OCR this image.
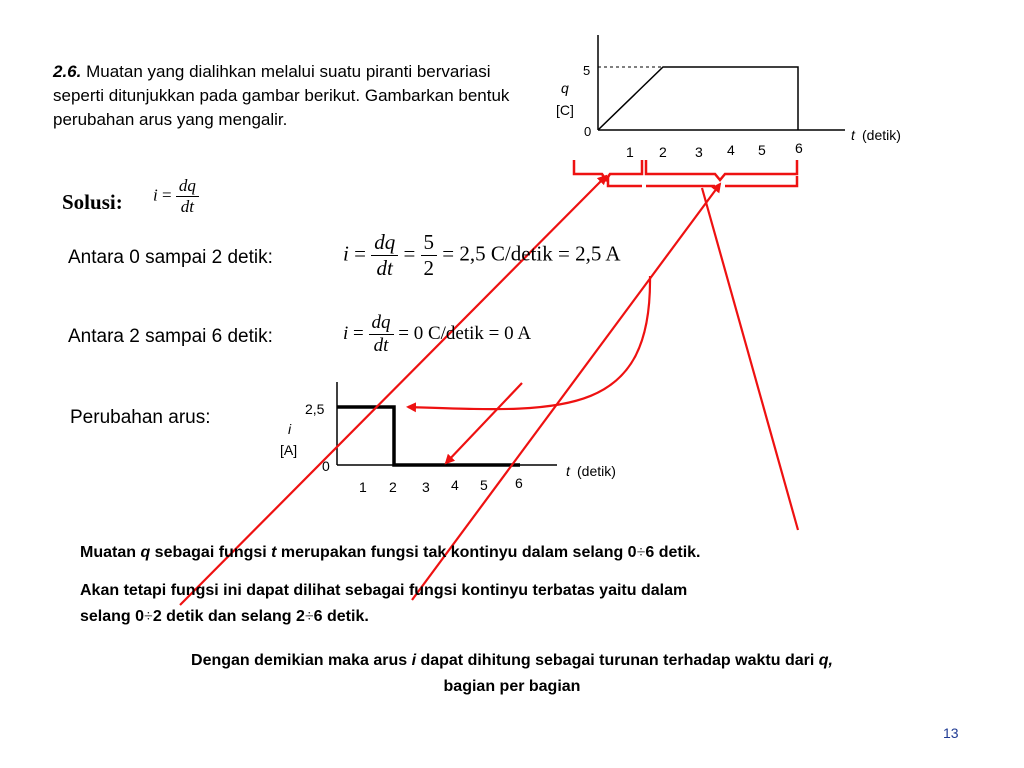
2.6. Muatan yang dialihkan melalui suatu piranti bervariasi seperti ditunjukkan pada gambar berikut. Gambarkan bentuk perubahan arus yang mengalir.
5
0
q
[C]
t (detik)
1 2 3 4 5 6
2,5
0
i
[A]
t (detik)
1 2 3 4 5 6
Solusi: $i = \frac{dq}{dt}$
Antara 0 sampai 2 detik:	$i = \frac{dq}{dt} = \frac{5}{2} = 2,5$ C/detik = 2,5 A
Antara 2 sampai 6 detik:	$i = \frac{dq}{dt} = 0$ C/detik = 0 A
Perubahan arus:
Muatan q sebagai fungsi t merupakan fungsi tak kontinyu dalam selang 0÷6 detik.
Akan tetapi fungsi ini dapat dilihat sebagai fungsi kontinyu terbatas yaitu dalam
selang 0÷2 detik dan selang 2÷6 detik.
Dengan demikian maka arus i dapat dihitung sebagai turunan terhadap waktu dari q,
bagian per bagian
13
